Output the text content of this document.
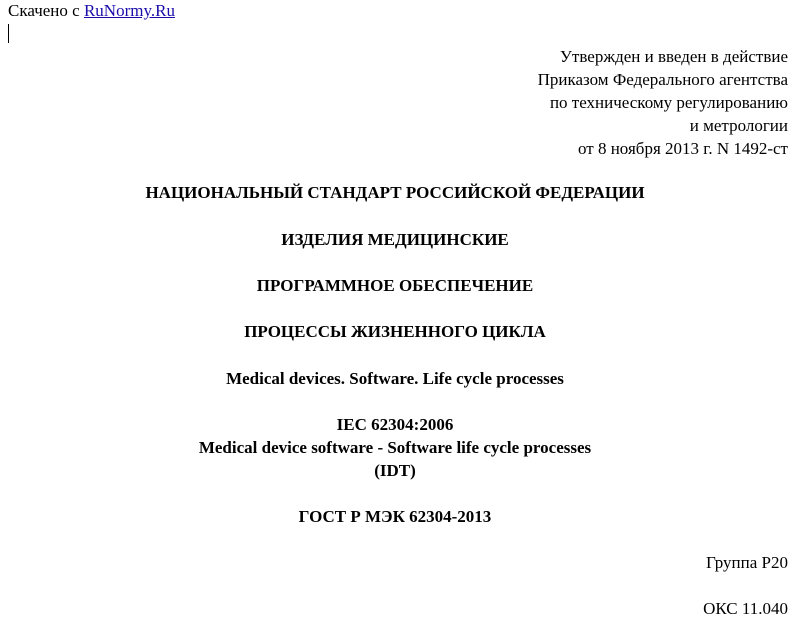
Скачено с RuNormy.Ru
Утвержден и введен в действие
Приказом Федерального агентства
по техническому регулированию
и метрологии
от 8 ноября 2013 г. N 1492-ст
НАЦИОНАЛЬНЫЙ СТАНДАРТ РОССИЙСКОЙ ФЕДЕРАЦИИ
ИЗДЕЛИЯ МЕДИЦИНСКИЕ
ПРОГРАММНОЕ ОБЕСПЕЧЕНИЕ
ПРОЦЕССЫ ЖИЗНЕННОГО ЦИКЛА
Medical devices. Software. Life cycle processes
IEC 62304:2006
Medical device software - Software life cycle processes
(IDT)
ГОСТ Р МЭК 62304-2013
Группа Р20
ОКС 11.040
